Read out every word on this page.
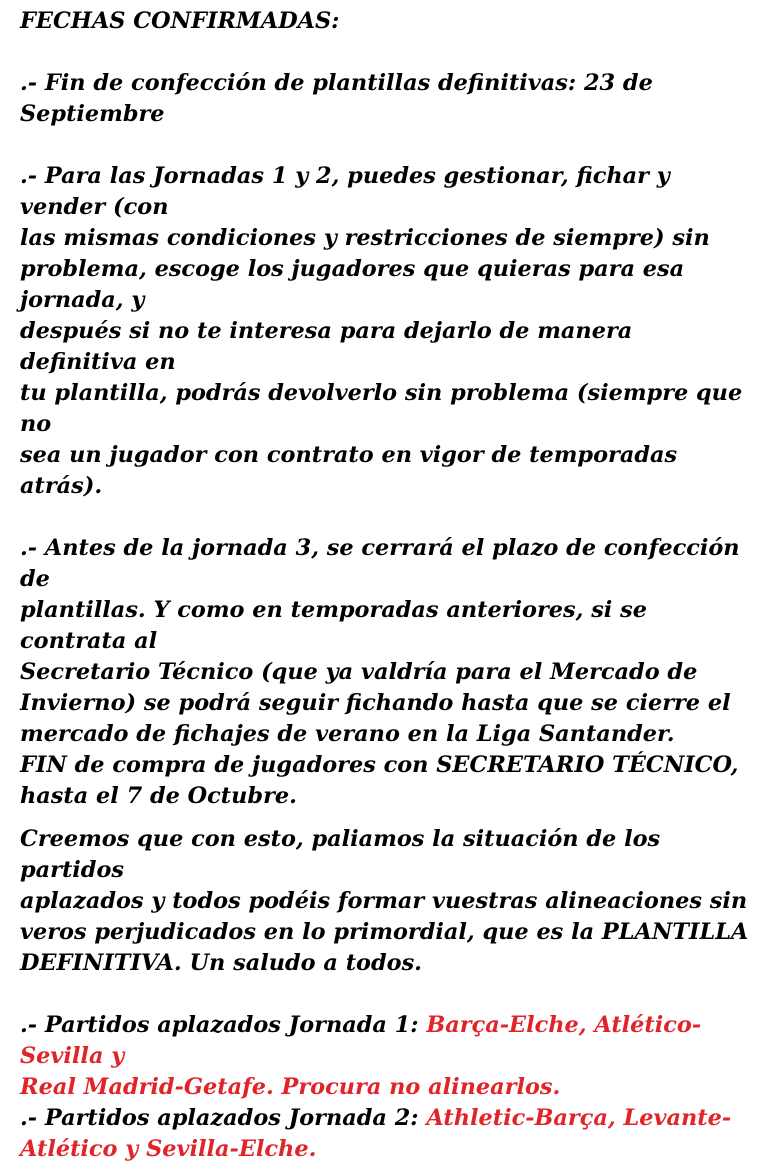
FECHAS CONFIRMADAS:

.- Fin de confección de plantillas definitivas: 23 de Septiembre

.- Para las Jornadas 1 y 2, puedes gestionar, fichar y vender (con

las mismas condiciones y restricciones de siempre) sin

problema, escoge los jugadores que quieras para esa jornada, y

después si no te interesa para dejarlo de manera definitiva en

tu plantilla, podrás devolverlo sin problema (siempre que no

sea un jugador con contrato en vigor de temporadas atrás).

.- Antes de la jornada 3, se cerrará el plazo de confección de

plantillas. Y como en temporadas anteriores, si se contrata al

Secretario Técnico (que ya valdría para el Mercado de

Invierno) se podrá seguir fichando hasta que se cierre el

mercado de fichajes de verano en la Liga Santander.

FIN de compra de jugadores con SECRETARIO TÉCNICO,

hasta el 7 de Octubre.

Creemos que con esto, paliamos la situación de los partidos

aplazados y todos podéis formar vuestras alineaciones sin

veros perjudicados en lo primordial, que es la PLANTILLA

DEFINITIVA. Un saludo a todos.

.- Partidos aplazados Jornada 1: Barça-Elche, Atlético-Sevilla y

Real Madrid-Getafe. Procura no alinearlos.

.- Partidos aplazados Jornada 2: Athletic-Barça, Levante-

Atlético y Sevilla-Elche.
